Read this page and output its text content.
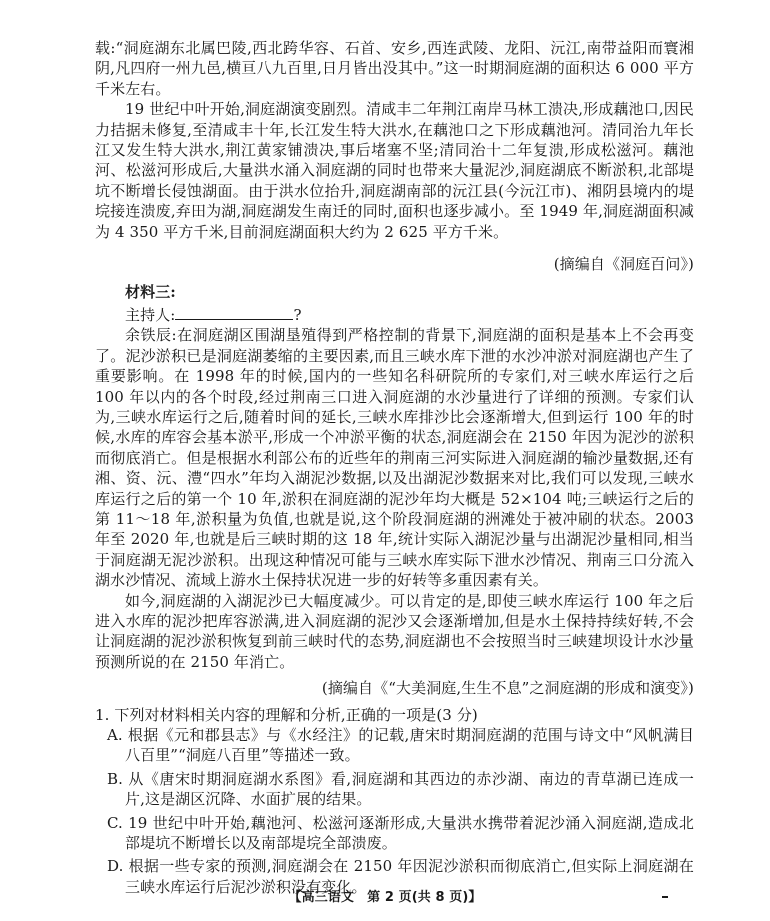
载:“洞庭湖东北属巴陵,西北跨华容、石首、安乡,西连武陵、龙阳、沅江,南带益阳而寰湘阴,凡四府一州九邑,横亘八九百里,日月皆出没其中。”这一时期洞庭湖的面积达 6 000 平方千米左右。

19 世纪中叶开始,洞庭湖演变剧烈。清咸丰二年荆江南岸马林工溃决,形成藕池口,因民力拮据未修复,至清咸丰十年,长江发生特大洪水,在藕池口之下形成藕池河。清同治九年长江又发生特大洪水,荆江黄家铺溃决,事后堵塞不坚;清同治十二年复溃,形成松滋河。藕池河、松滋河形成后,大量洪水涌入洞庭湖的同时也带来大量泥沙,洞庭湖底不断淤积,北部堤坑不断增长侵蚀湖面。由于洪水位抬升,洞庭湖南部的沅江县(今沅江市)、湘阴县境内的堤垸接连溃废,弃田为湖,洞庭湖发生南迁的同时,面积也逐步减小。至 1949 年,洞庭湖面积减为 4 350 平方千米,目前洞庭湖面积大约为 2 625 平方千米。

(摘编自《洞庭百问》)

材料三:

主持人:	?

余铁辰:在洞庭湖区围湖垦殖得到严格控制的背景下,洞庭湖的面积是基本上不会再变了。泥沙淤积已是洞庭湖萎缩的主要因素,而且三峡水库下泄的水沙冲淤对洞庭湖也产生了重要影响。在 1998 年的时候,国内的一些知名科研院所的专家们,对三峡水库运行之后 100 年以内的各个时段,经过荆南三口进入洞庭湖的水沙量进行了详细的预测。专家们认为,三峡水库运行之后,随着时间的延长,三峡水库排沙比会逐渐增大,但到运行 100 年的时候,水库的库容会基本淤平,形成一个冲淤平衡的状态,洞庭湖会在 2150 年因为泥沙的淤积而彻底消亡。但是根据水利部公布的近些年的荆南三河实际进入洞庭湖的输沙量数据,还有湘、资、沅、澧“四水”年均入湖泥沙数据,以及出湖泥沙数据来对比,我们可以发现,三峡水库运行之后的第一个 10 年,淤积在洞庭湖的泥沙年均大概是 52×104 吨;三峡运行之后的第 11～18 年,淤积量为负值,也就是说,这个阶段洞庭湖的洲滩处于被冲刷的状态。2003 年至 2020 年,也就是后三峡时期的这 18 年,统计实际入湖泥沙量与出湖泥沙量相同,相当于洞庭湖无泥沙淤积。出现这种情况可能与三峡水库实际下泄水沙情况、荆南三口分流入湖水沙情况、流域上游水土保持状况进一步的好转等多重因素有关。

如今,洞庭湖的入湖泥沙已大幅度减少。可以肯定的是,即使三峡水库运行 100 年之后进入水库的泥沙把库容淤满,进入洞庭湖的泥沙又会逐渐增加,但是水土保持持续好转,不会让洞庭湖的泥沙淤积恢复到前三峡时代的态势,洞庭湖也不会按照当时三峡建坝设计水沙量预测所说的在 2150 年消亡。

(摘编自《“大美洞庭,生生不息”之洞庭湖的形成和演变》)

1. 下列对材料相关内容的理解和分析,正确的一项是(3 分)

A. 根据《元和郡县志》与《水经注》的记载,唐宋时期洞庭湖的范围与诗文中“风帆满目八百里”“洞庭八百里”等描述一致。

B. 从《唐宋时期洞庭湖水系图》看,洞庭湖和其西边的赤沙湖、南边的青草湖已连成一片,这是湖区沉降、水面扩展的结果。

C. 19 世纪中叶开始,藕池河、松滋河逐渐形成,大量洪水携带着泥沙涌入洞庭湖,造成北部堤坑不断增长以及南部堤垸全部溃废。

D. 根据一些专家的预测,洞庭湖会在 2150 年因泥沙淤积而彻底消亡,但实际上洞庭湖在三峡水库运行后泥沙淤积没有变化。

【高三语文　第 2 页(共 8 页)】
